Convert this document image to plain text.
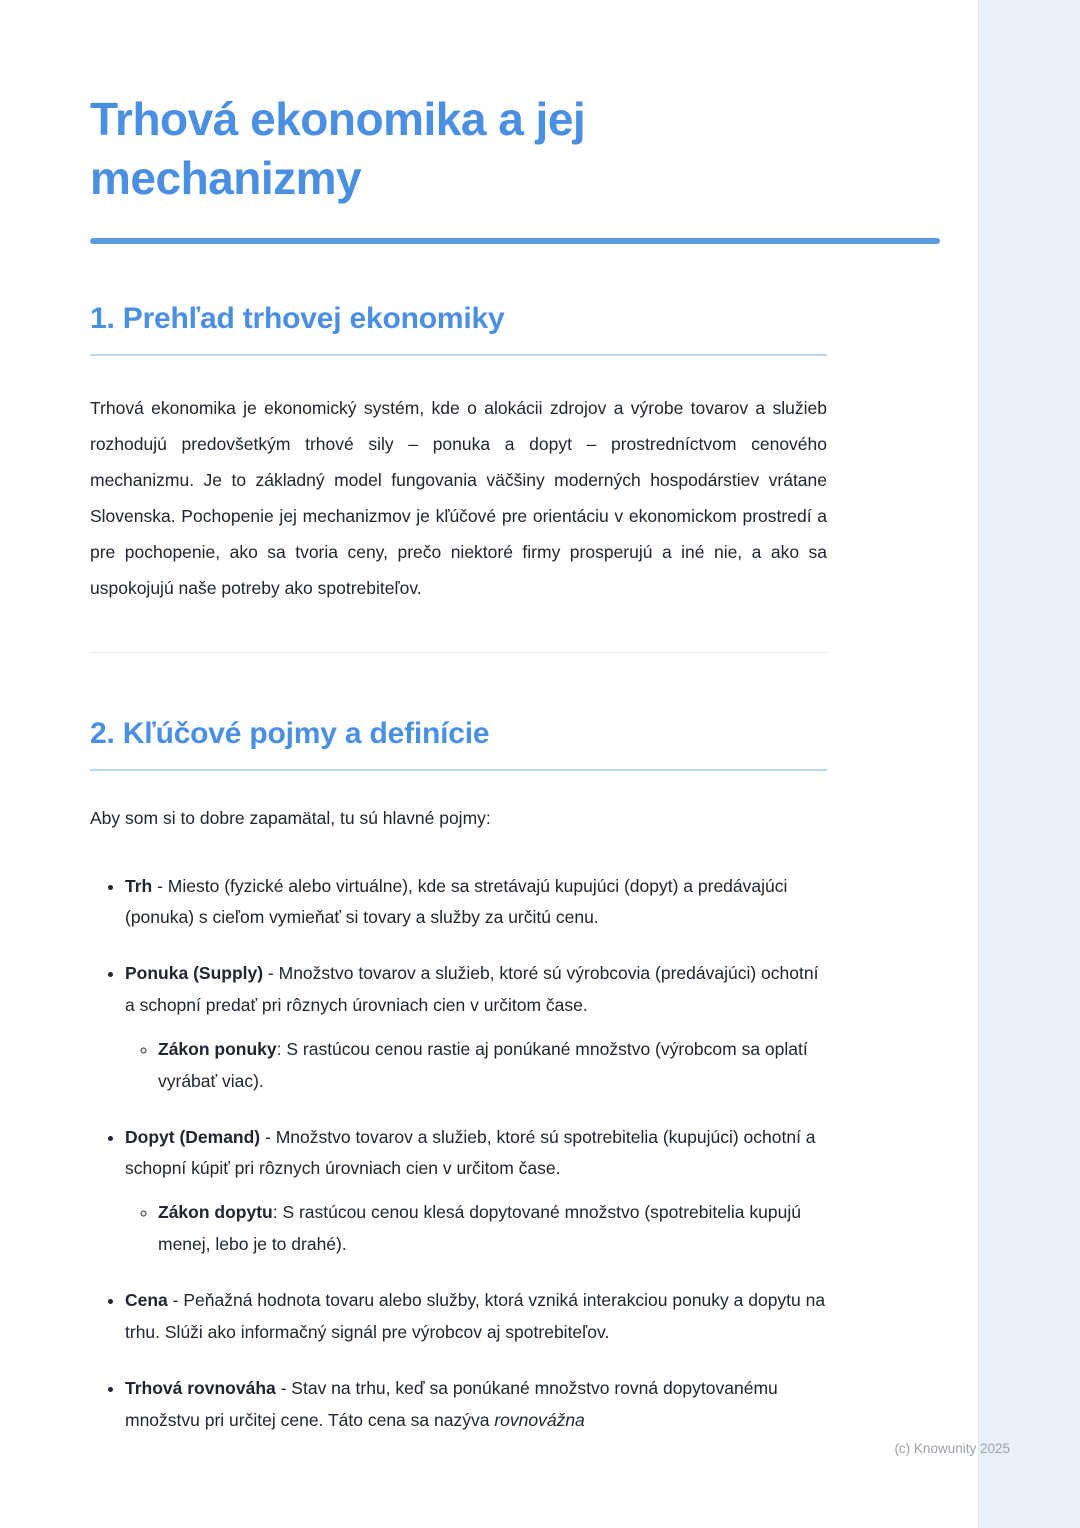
Trhová ekonomika a jej mechanizmy
1. Prehľad trhovej ekonomiky

Trhová ekonomika je ekonomický systém, kde o alokácii zdrojov a výrobe tovarov a služieb rozhodujú predovšetkým trhové sily – ponuka a dopyt – prostredníctvom cenového mechanizmu. Je to základný model fungovania väčšiny moderných hospodárstiev vrátane Slovenska. Pochopenie jej mechanizmov je kľúčové pre orientáciu v ekonomickom prostredí a pre pochopenie, ako sa tvoria ceny, prečo niektoré firmy prosperujú a iné nie, a ako sa uspokojujú naše potreby ako spotrebiteľov.

2. Kľúčové pojmy a definície

Aby som si to dobre zapamätal, tu sú hlavné pojmy:

• Trh - Miesto (fyzické alebo virtuálne), kde sa stretávajú kupujúci (dopyt) a predávajúci (ponuka) s cieľom vymieňať si tovary a služby za určitú cenu.
• Ponuka (Supply) - Množstvo tovarov a služieb, ktoré sú výrobcovia (predávajúci) ochotní a schopní predať pri rôznych úrovniach cien v určitom čase.
◦ Zákon ponuky: S rastúcou cenou rastie aj ponúkané množstvo (výrobcom sa oplatí vyrábať viac).
• Dopyt (Demand) - Množstvo tovarov a služieb, ktoré sú spotrebitelia (kupujúci) ochotní a schopní kúpiť pri rôznych úrovniach cien v určitom čase.
◦ Zákon dopytu: S rastúcou cenou klesá dopytované množstvo (spotrebitelia kupujú menej, lebo je to drahé).
• Cena - Peňažná hodnota tovaru alebo služby, ktorá vzniká interakciou ponuky a dopytu na trhu. Slúži ako informačný signál pre výrobcov aj spotrebiteľov.
• Trhová rovnováha - Stav na trhu, keď sa ponúkané množstvo rovná dopytovanému množstvu pri určitej cene. Táto cena sa nazýva rovnovážna
(c) Knowunity 2025
